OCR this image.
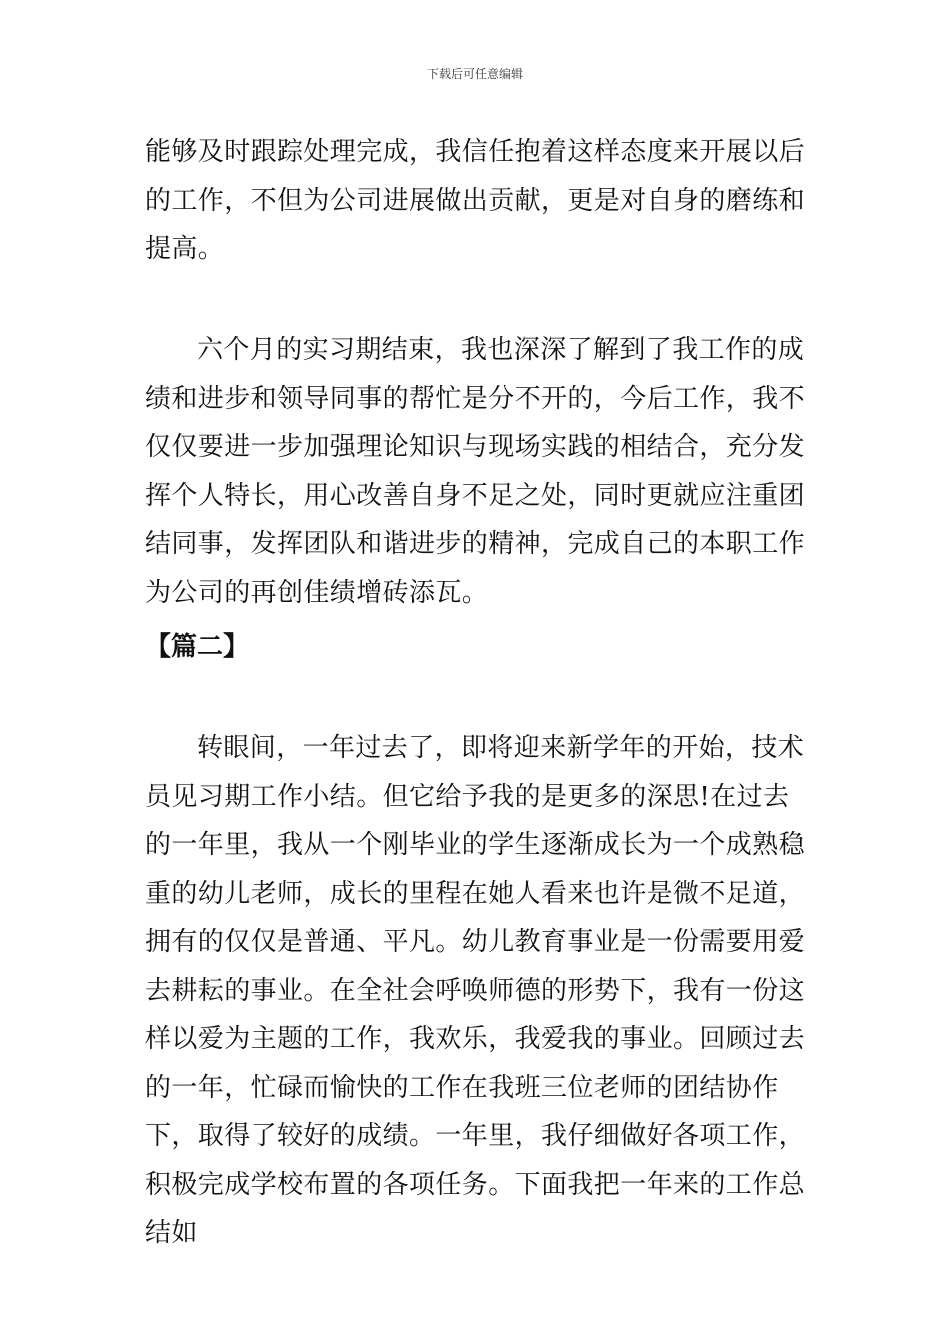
下载后可任意编辑

能够及时跟踪处理完成，我信任抱着这样态度来开展以后的工作，不但为公司进展做出贡献，更是对自身的磨练和提高。

六个月的实习期结束，我也深深了解到了我工作的成绩和进步和领导同事的帮忙是分不开的，今后工作，我不仅仅要进一步加强理论知识与现场实践的相结合，充分发挥个人特长，用心改善自身不足之处，同时更就应注重团结同事，发挥团队和谐进步的精神，完成自己的本职工作为公司的再创佳绩增砖添瓦。

【篇二】

转眼间，一年过去了，即将迎来新学年的开始，技术员见习期工作小结。但它给予我的是更多的深思!在过去的一年里，我从一个刚毕业的学生逐渐成长为一个成熟稳重的幼儿老师，成长的里程在她人看来也许是微不足道，拥有的仅仅是普通、平凡。幼儿教育事业是一份需要用爱去耕耘的事业。在全社会呼唤师德的形势下，我有一份这样以爱为主题的工作，我欢乐，我爱我的事业。回顾过去的一年，忙碌而愉快的工作在我班三位老师的团结协作下，取得了较好的成绩。一年里，我仔细做好各项工作，积极完成学校布置的各项任务。下面我把一年来的工作总结如
